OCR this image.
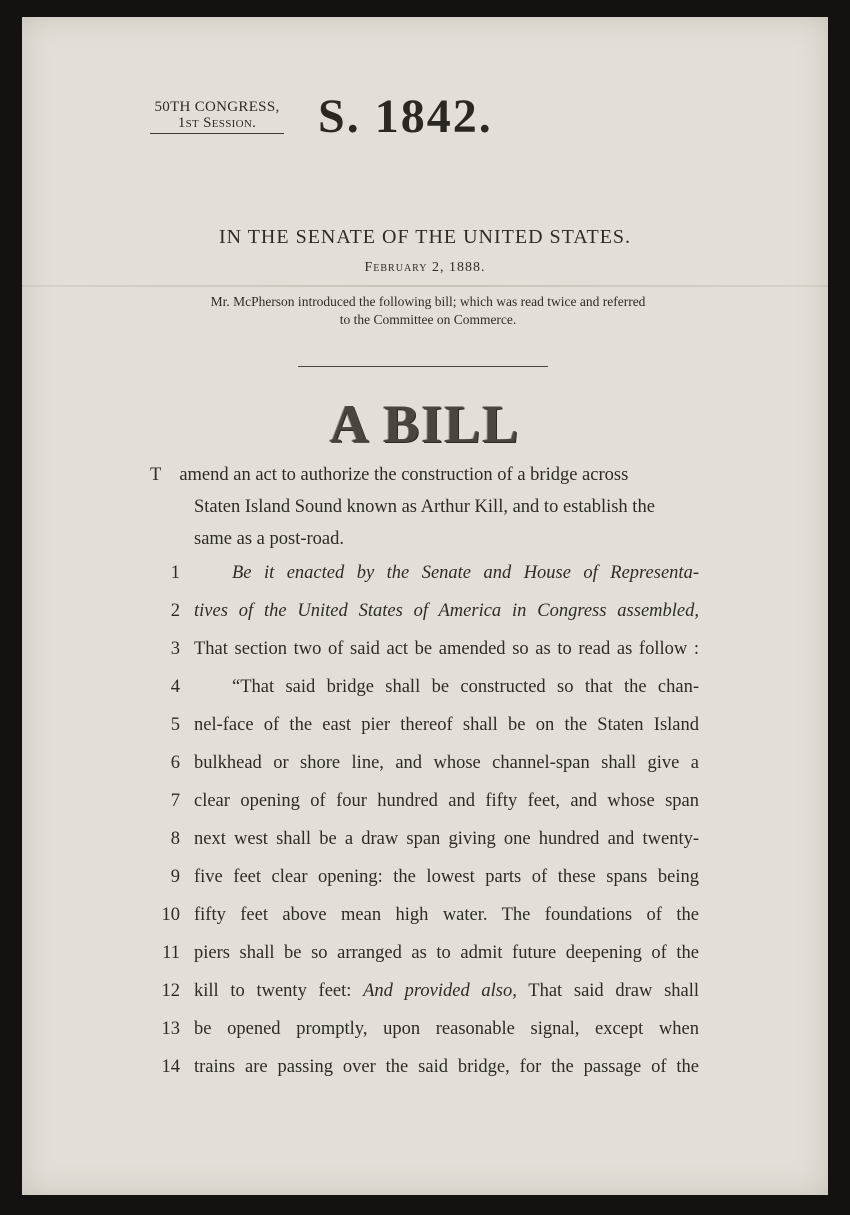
50TH CONGRESS,
1st Session.	S. 1842.
IN THE SENATE OF THE UNITED STATES.
February 2, 1888.
Mr. McPherson introduced the following bill; which was read twice and referred
to the Committee on Commerce.
A BILL
T amend an act to authorize the construction of a bridge across
Staten Island Sound known as Arthur Kill, and to establish the
same as a post-road.
1	Be it enacted by the Senate and House of Representa-
2 tives of the United States of America in Congress assembled,
3 That section two of said act be amended so as to read as follow :
4	“That said bridge shall be constructed so that the chan-
5 nel-face of the east pier thereof shall be on the Staten Island
6 bulkhead or shore line, and whose channel-span shall give a
7 clear opening of four hundred and fifty feet, and whose span
8 next west shall be a draw span giving one hundred and twenty-
9 five feet clear opening: the lowest parts of these spans being
10 fifty feet above mean high water. The foundations of the
11 piers shall be so arranged as to admit future deepening of the
12 kill to twenty feet: And provided also, That said draw shall
13 be opened promptly, upon reasonable signal, except when
14 trains are passing over the said bridge, for the passage of the
